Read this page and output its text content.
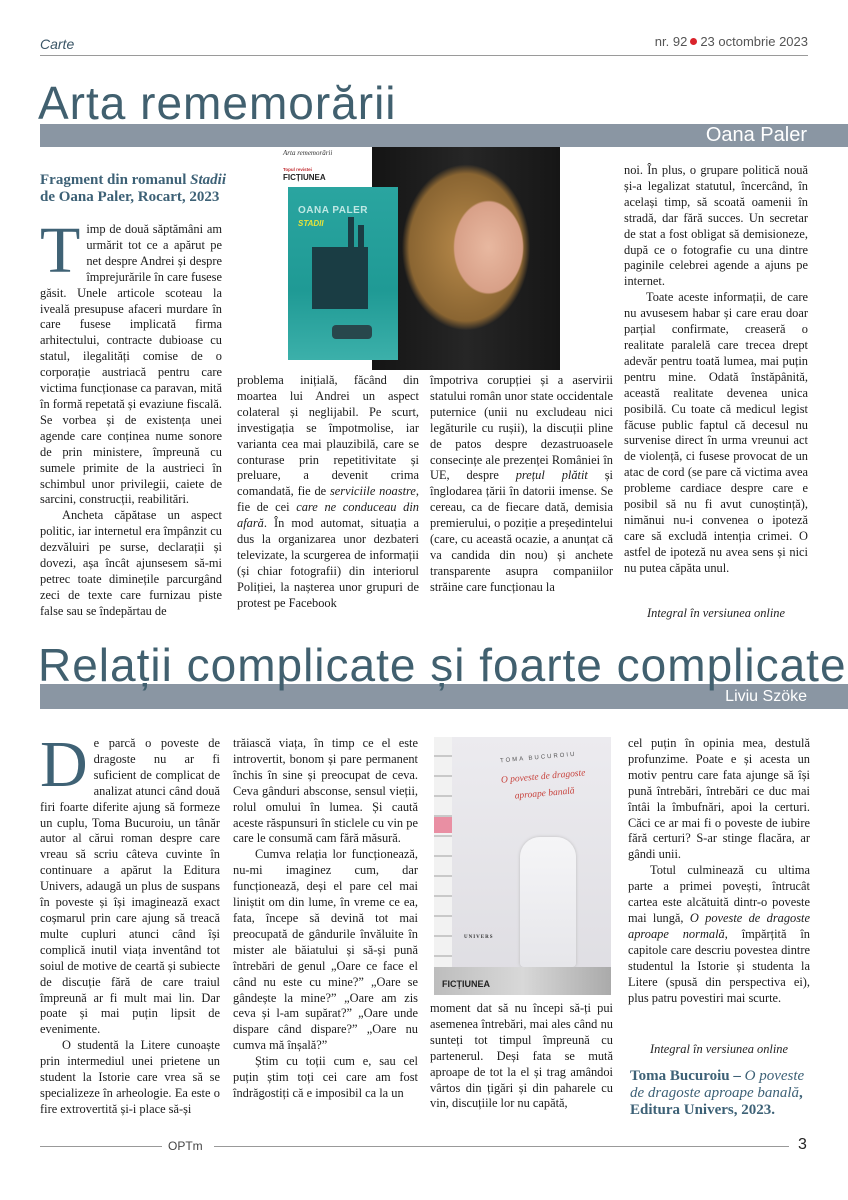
Carte	nr. 92 23 octombrie 2023
Arta rememorării
Oana Paler
Fragment din romanul Stadii
de Oana Paler, Rocart, 2023
Arta rememorării
Topul revistei
FICȚIUNEA
OANA PALER
STADII

Timp de două săptămâni am urmărit tot ce a apărut pe net despre Andrei și despre împrejurările în care fusese găsit. Unele articole scoteau la iveală presupuse afaceri murdare în care fusese implicată firma arhitectului, contracte dubioase cu statul, ilegalități comise de o corporație austriacă pentru care victima funcționase ca paravan, mită în formă repetată și evaziune fiscală. Se vorbea și de existența unei agende care conținea nume sonore de prin ministere, împreună cu sumele primite de la austrieci în schimbul unor privilegii, caiete de sarcini, construcții, reabilitări.

Ancheta căpătase un aspect politic, iar internetul era împânzit cu dezvăluiri pe surse, declarații și dovezi, așa încât ajunsesem să-mi petrec toate diminețile parcurgând zeci de texte care furnizau piste false sau se îndepărtau de

problema inițială, făcând din moartea lui Andrei un aspect colateral și neglijabil. Pe scurt, investigația se împotmolise, iar varianta cea mai plauzibilă, care se conturase prin repetitivitate și preluare, a devenit crima comandată, fie de serviciile noastre, fie de cei care ne conduceau din afară. În mod automat, situația a dus la organizarea unor dezbateri televizate, la scurgerea de informații (și chiar fotografii) din interiorul Poliției, la nașterea unor grupuri de protest pe Facebook

împotriva corupției și a aservirii statului român unor state occidentale puternice (unii nu excludeau nici legăturile cu rușii), la discuții pline de patos despre dezastruoasele consecințe ale prezenței României în UE, despre prețul plătit și înglodarea țării în datorii imense. Se cereau, ca de fiecare dată, demisia premierului, o poziție a președintelui (care, cu această ocazie, a anunțat că va candida din nou) și anchete transparente asupra companiilor străine care funcționau la

noi. În plus, o grupare politică nouă și-a legalizat statutul, încercând, în același timp, să scoată oamenii în stradă, dar fără succes. Un secretar de stat a fost obligat să demisioneze, după ce o fotografie cu una dintre paginile celebrei agende a ajuns pe internet.

Toate aceste informații, de care nu avusesem habar și care erau doar parțial confirmate, creaseră o realitate paralelă care trecea drept adevăr pentru toată lumea, mai puțin pentru mine. Odată înstăpânită, această realitate devenea unica posibilă. Cu toate că medicul legist făcuse public faptul că decesul nu survenise direct în urma vreunui act de violență, ci fusese provocat de un atac de cord (se pare că victima avea probleme cardiace despre care e posibil să nu fi avut cunoștință), nimănui nu-i convenea o ipoteză care să excludă intenția crimei. O astfel de ipoteză nu avea sens și nici nu putea căpăta unul.

Integral în versiunea online
Relații complicate și foarte complicate
Liviu Szöke
TOMA BUCUROIU
O poveste de dragoste aproape banală
UNIVERS
FICȚIUNEA

De parcă o poveste de dragoste nu ar fi suficient de complicat de analizat atunci când două firi foarte diferite ajung să formeze un cuplu, Toma Bucuroiu, un tânăr autor al cărui roman despre care vreau să scriu câteva cuvinte în continuare a apărut la Editura Univers, adaugă un plus de suspans în poveste și își imaginează exact coșmarul prin care ajung să treacă multe cupluri atunci când își complică inutil viața inventând tot soiul de motive de ceartă și subiecte de discuție fără de care traiul împreună ar fi mult mai lin. Dar poate și mai puțin lipsit de evenimente.

O studentă la Litere cunoaște prin intermediul unei prietene un student la Istorie care vrea să se specializeze în arheologie. Ea este o fire extrovertită și-i place să-și

trăiască viața, în timp ce el este introvertit, bonom și pare permanent închis în sine și preocupat de ceva. Ceva gânduri absconse, sensul vieții, rolul omului în lumea. Și caută aceste răspunsuri în sticlele cu vin pe care le consumă cam fără măsură.

Cumva relația lor funcționează, nu-mi imaginez cum, dar funcționează, deși el pare cel mai liniștit om din lume, în vreme ce ea, fata, începe să devină tot mai preocupată de gândurile învăluite în mister ale băiatului și să-și pună întrebări de genul „Oare ce face el când nu este cu mine?” „Oare se gândește la mine?” „Oare am zis ceva și l-am supărat?” „Oare unde dispare când dispare?” „Oare nu cumva mă înșală?”

Știm cu toții cum e, sau cel puțin știm toți cei care am fost îndrăgostiți că e imposibil ca la un

moment dat să nu începi să-ți pui asemenea întrebări, mai ales când nu sunteți tot timpul împreună cu partenerul. Deși fata se mută aproape de tot la el și trag amândoi vârtos din țigări și din paharele cu vin, discuțiile lor nu capătă,

cel puțin în opinia mea, destulă profunzime. Poate e și acesta un motiv pentru care fata ajunge să își pună întrebări, întrebări ce duc mai întâi la îmbufnări, apoi la certuri. Căci ce ar mai fi o poveste de iubire fără certuri? S-ar stinge flacăra, ar gândi unii.

Totul culminează cu ultima parte a primei povești, întrucât cartea este alcătuită dintr-o poveste mai lungă, O poveste de dragoste aproape normală, împărțită în capitole care descriu povestea dintre studentul la Istorie și studenta la Litere (spusă din perspectiva ei), plus patru povestiri mai scurte.

Integral în versiunea online
Toma Bucuroiu – O poveste de dragoste aproape banală, Editura Univers, 2023.
OPTm	3
